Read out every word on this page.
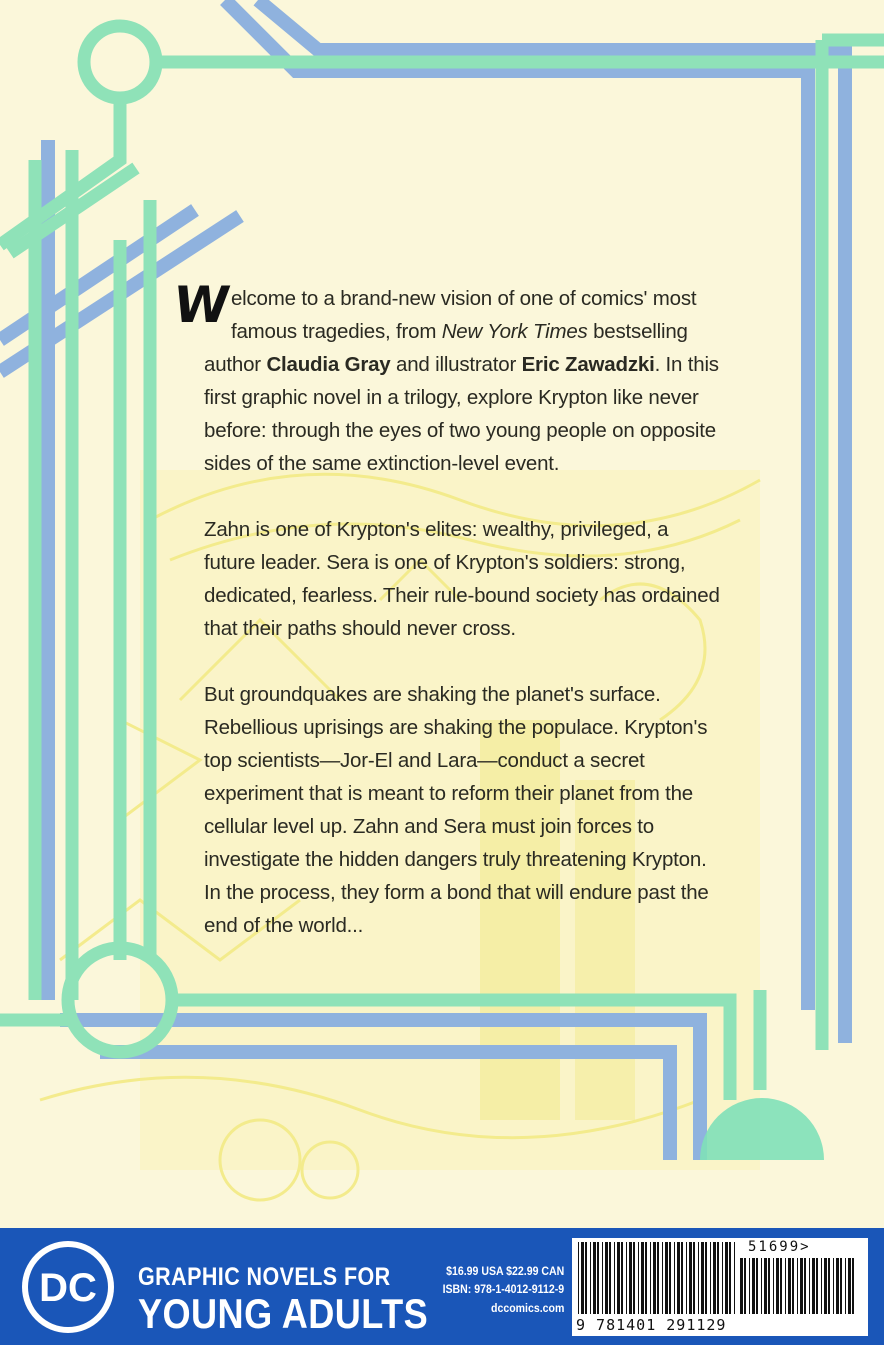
W
elcome to a brand-new vision of one of comics' most famous tragedies, from New York Times bestselling author Claudia Gray and illustrator Eric Zawadzki. In this first graphic novel in a trilogy, explore Krypton like never before: through the eyes of two young people on opposite sides of the same extinction-level event.

Zahn is one of Krypton's elites: wealthy, privileged, a future leader. Sera is one of Krypton's soldiers: strong, dedicated, fearless. Their rule-bound society has ordained that their paths should never cross.

But groundquakes are shaking the planet's surface. Rebellious uprisings are shaking the populace. Krypton's top scientists—Jor-El and Lara—conduct a secret experiment that is meant to reform their planet from the cellular level up. Zahn and Sera must join forces to investigate the hidden dangers truly threatening Krypton. In the process, they form a bond that will endure past the end of the world...

DC GRAPHIC NOVELS FOR
YOUNG ADULTS
$16.99 USA $22.99 CAN
ISBN: 978-1-4012-9112-9
dccomics.com
9 781401 291129
51699>
